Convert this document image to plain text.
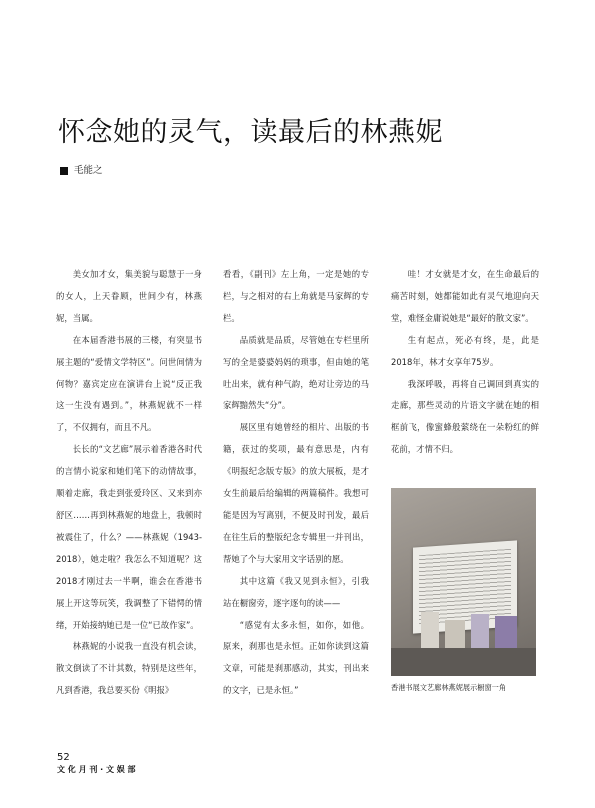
怀念她的灵气，读最后的林燕妮
毛能之

美女加才女，集美貌与聪慧于一身的女人，上天眷顾，世间少有，林燕妮，当属。

在本届香港书展的三楼，有突显书展主题的“爱情文学特区”。问世间情为何物？嘉宾定应在演讲台上说“反正我这一生没有遇到。”，林燕妮就不一样了，不仅拥有，而且不凡。

长长的“文艺廊”展示着香港各时代的言情小说家和她们笔下的动情故事，顺着走廊，我走到张爱玲区、又来到亦舒区……再到林燕妮的地盘上，我顿时被震住了，什么？——林燕妮（1943-2018），她走啦？我怎么不知道呢？这2018才刚过去一半啊，谁会在香港书展上开这等玩笑，我调整了下错愕的情绪，开始接纳她已是一位“已故作家”。

林燕妮的小说我一直没有机会读，散文倒读了不计其数，特别是这些年，凡到香港，我总要买份《明报》

看看，《副刊》左上角，一定是她的专栏，与之相对的右上角就是马家辉的专栏。

品质就是品质，尽管她在专栏里所写的全是婆婆妈妈的琐事，但由她的笔吐出来，就有种气韵，绝对让旁边的马家辉黯然失“分”。

展区里有她曾经的相片、出版的书籍，获过的奖项，最有意思是，内有《明报纪念版专版》的放大展板，是才女生前最后给编辑的两篇稿件。我想可能是因为写离别，不便及时刊发，最后在往生后的整版纪念专辑里一并刊出，帮她了个与大家用文字话别的愿。

其中这篇《我又见到永恒》，引我站在橱窗旁，逐字逐句的读——

“感觉有太多永恒，如你，如他。原来，刹那也是永恒。正如你读到这篇文章，可能是刹那感动，其实，刊出来的文字，已是永恒。”

哇！才女就是才女，在生命最后的痛苦时刻，她都能如此有灵气地迎向天堂，难怪金庸说她是“最好的散文家”。

生有起点，死必有终，是，此是2018年，林才女享年75岁。

我深呼吸，再将自己调回到真实的走廊，那些灵动的片语文字就在她的相框前飞，像蜜蜂般萦绕在一朵粉红的鲜花前，才情不归。

香港书展文艺廊林燕妮展示橱窗一角
52
文 化 月 刊 · 文 娱 部
